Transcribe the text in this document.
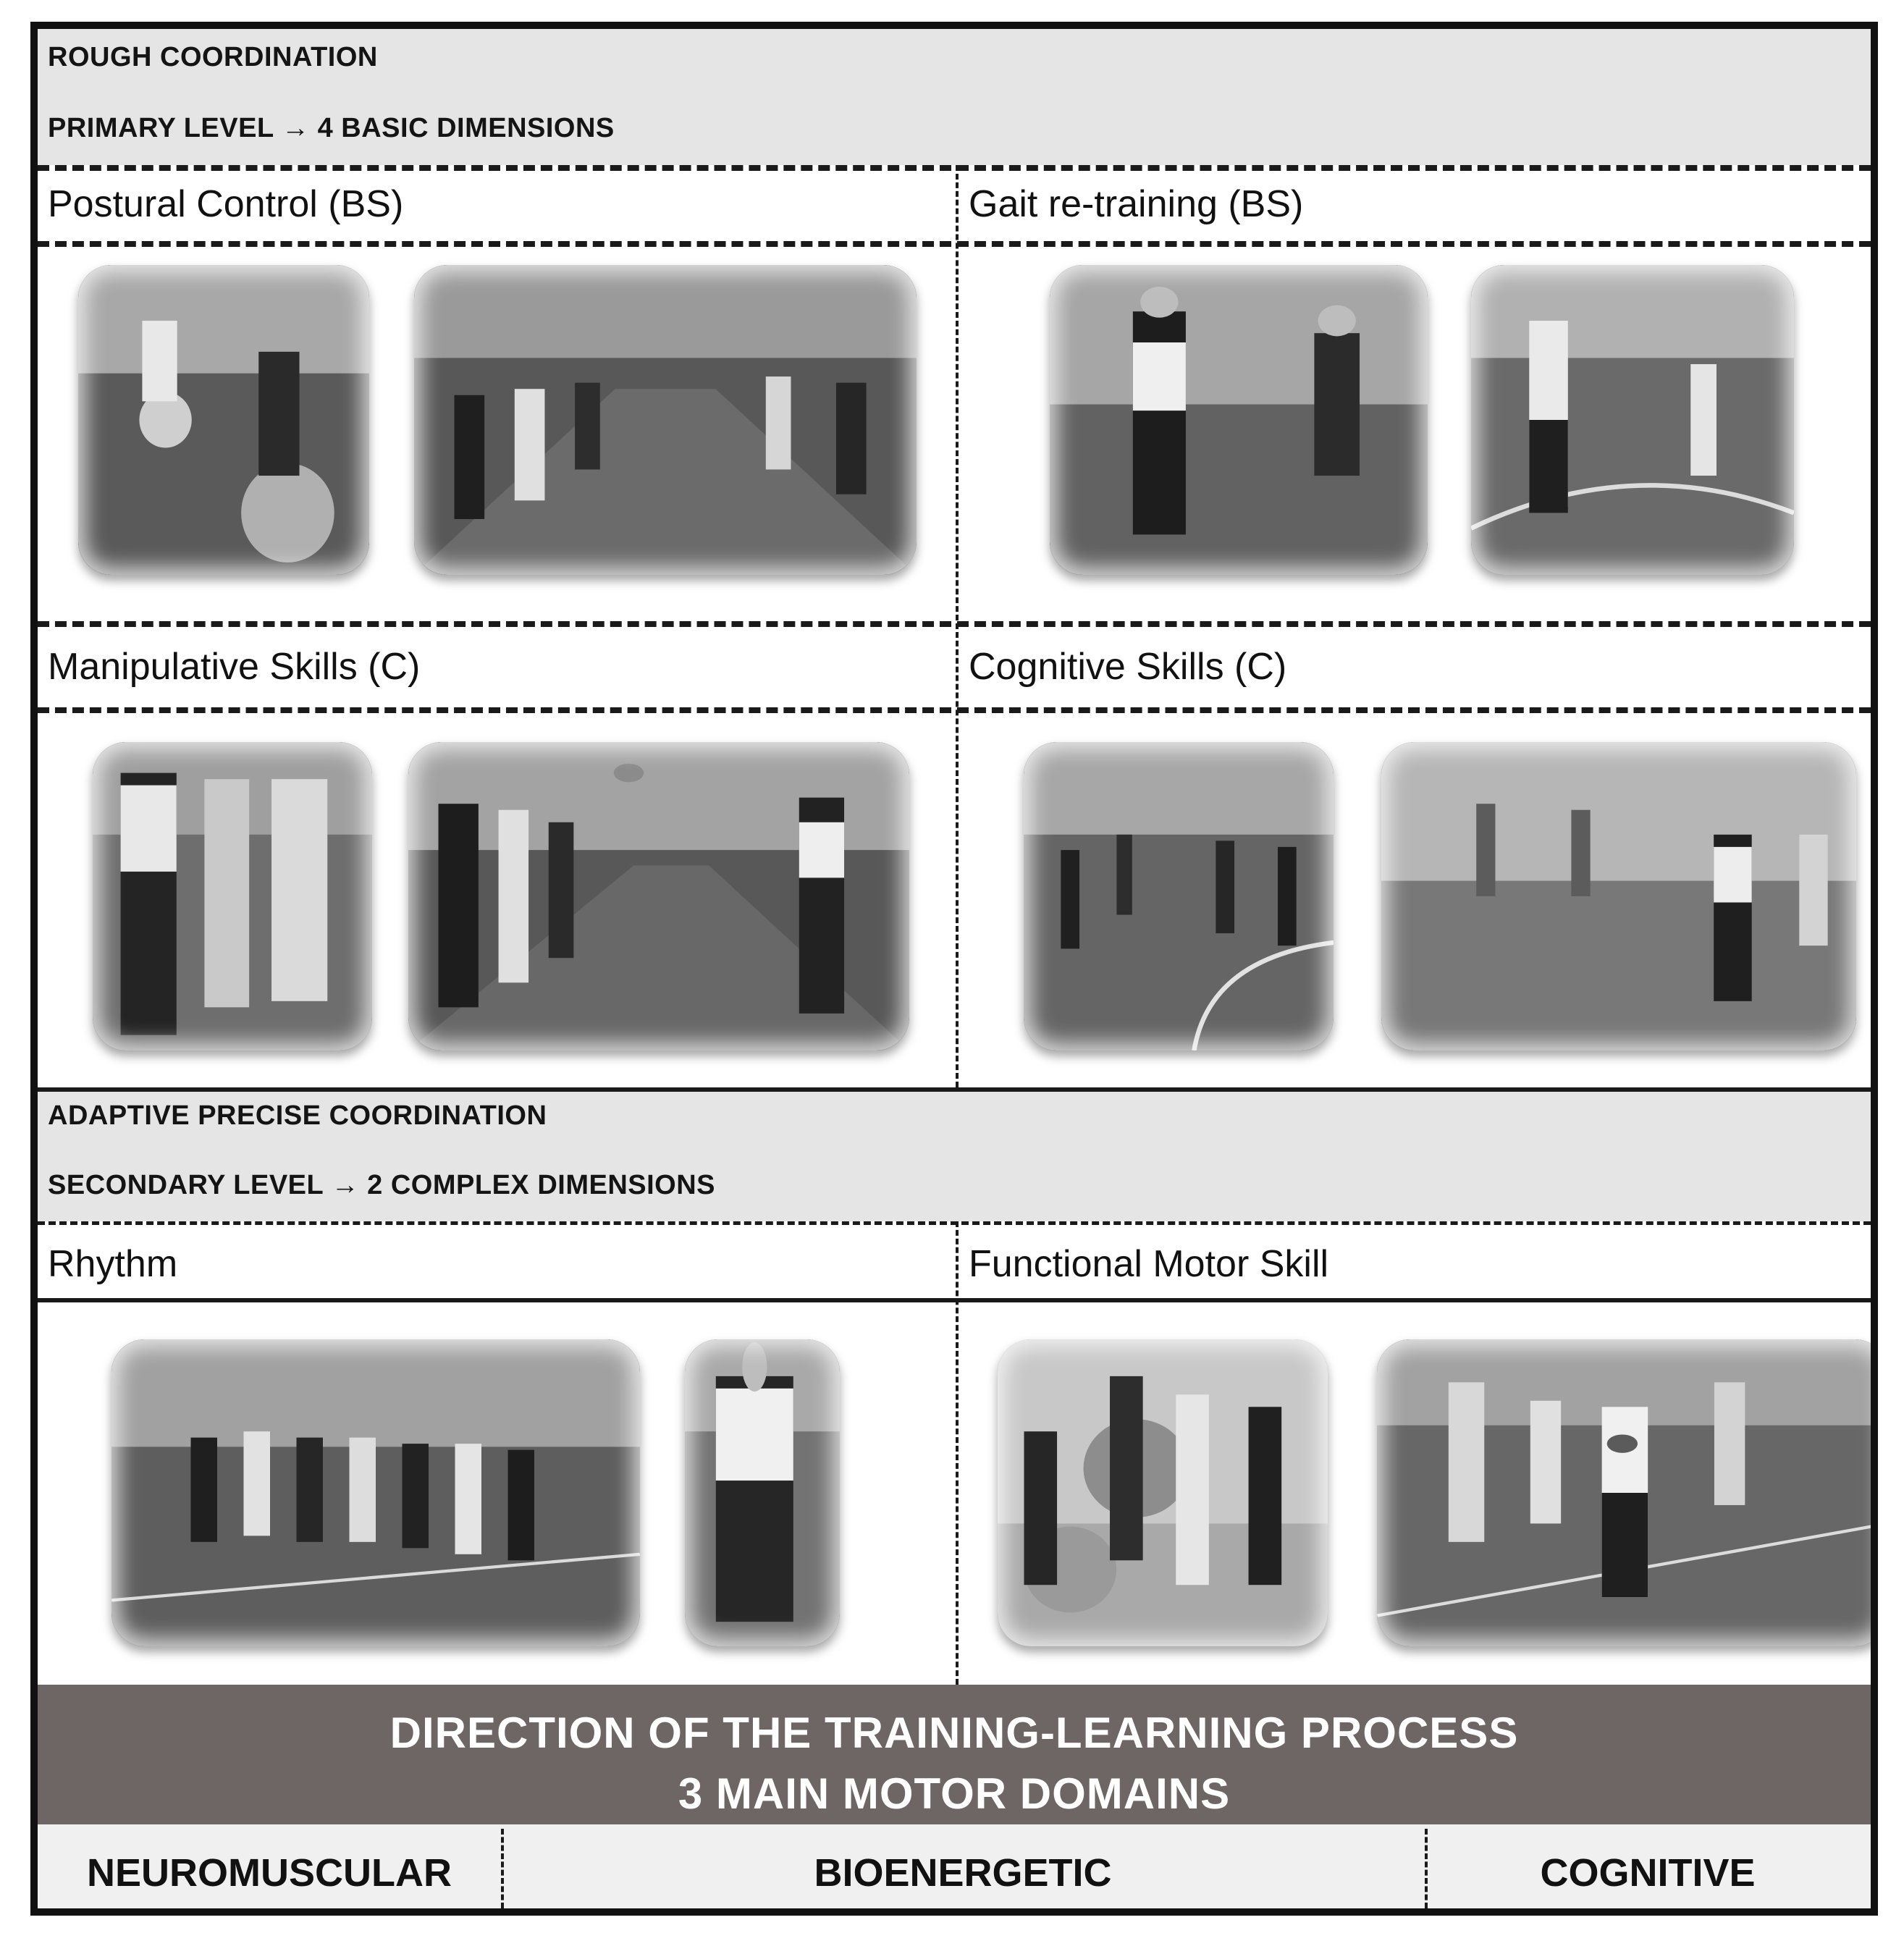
ROUGH COORDINATION
PRIMARY LEVEL → 4 BASIC DIMENSIONS
Postural Control (BS)	Gait re-training (BS)
Manipulative Skills (C)	Cognitive Skills (C)
ADAPTIVE PRECISE COORDINATION
SECONDARY LEVEL → 2 COMPLEX DIMENSIONS
Rhythm	Functional Motor Skill
DIRECTION OF THE TRAINING-LEARNING PROCESS
3 MAIN MOTOR DOMAINS
NEUROMUSCULAR	BIOENERGETIC	COGNITIVE
